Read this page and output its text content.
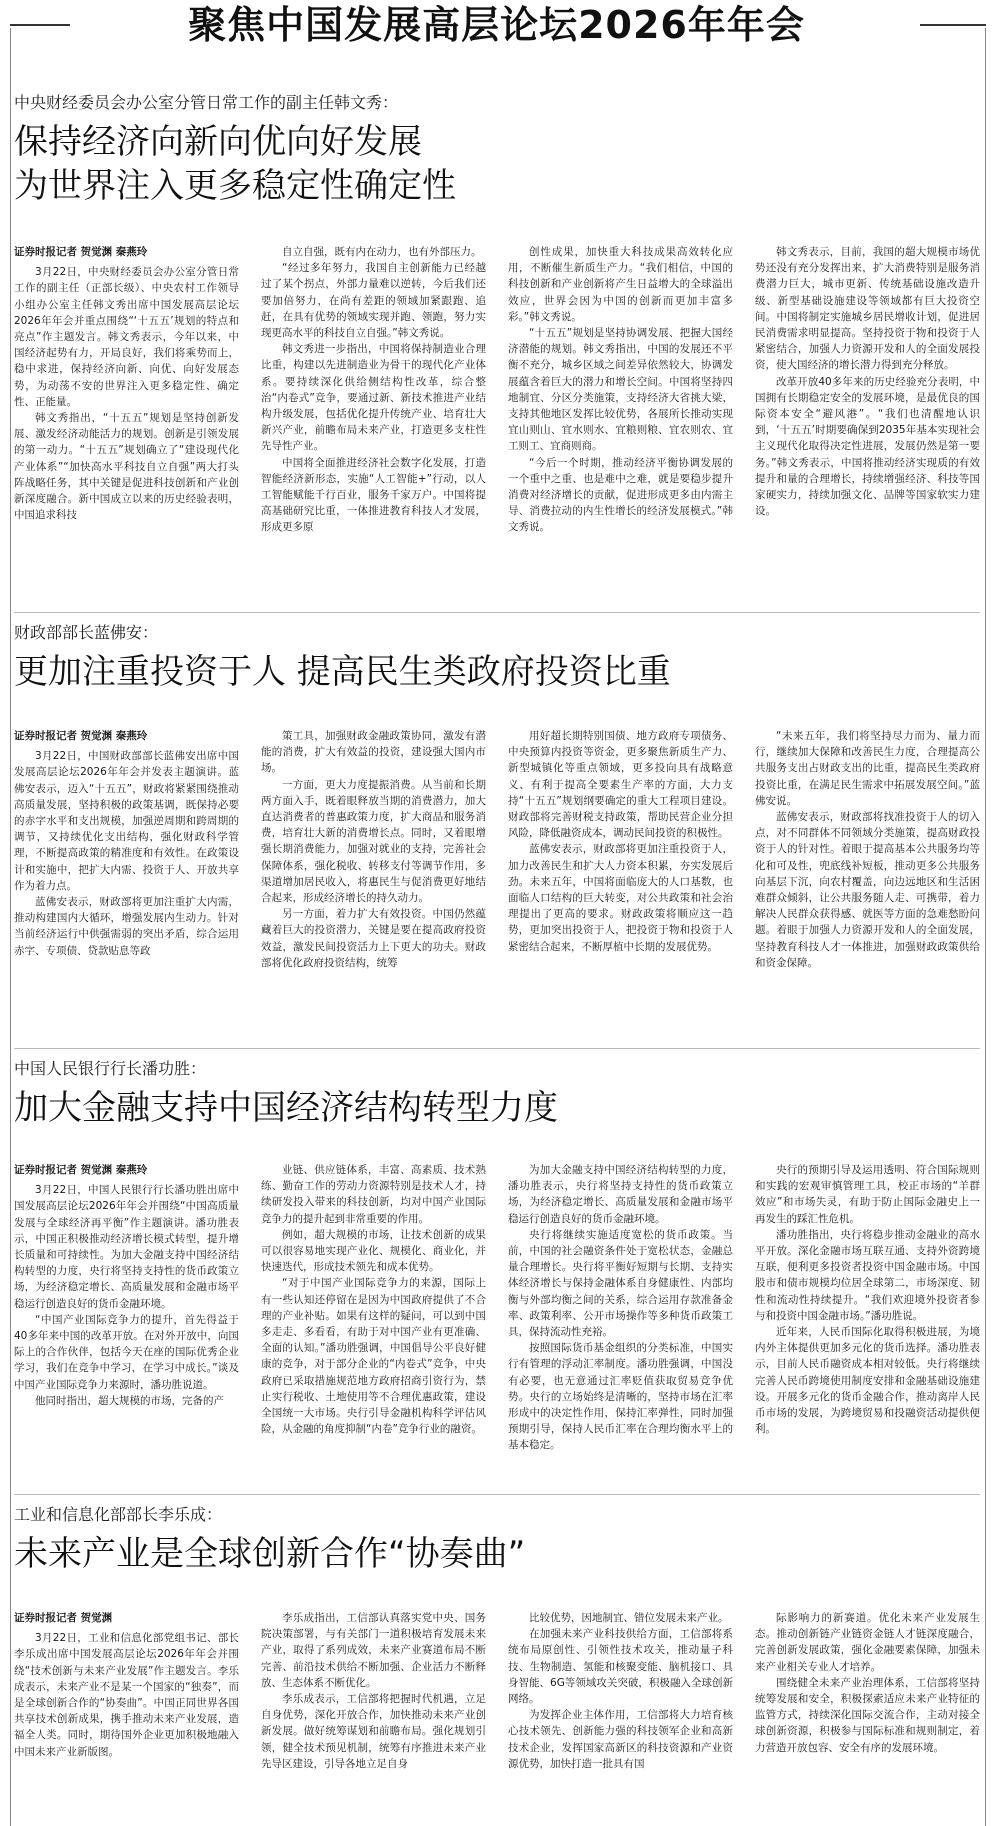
聚焦中国发展高层论坛2026年年会
中央财经委员会办公室分管日常工作的副主任韩文秀：
保持经济向新向优向好发展
为世界注入更多稳定性确定性

证券时报记者 贺觉渊 秦燕玲

3月22日，中央财经委员会办公室分管日常工作的副主任（正部长级）、中央农村工作领导小组办公室主任韩文秀出席中国发展高层论坛2026年年会并重点围绕“‘十五五’规划的特点和亮点”作主题发言。韩文秀表示，今年以来，中国经济起势有力，开局良好，我们将乘势而上，稳中求进，保持经济向新、向优、向好发展态势，为动荡不安的世界注入更多稳定性、确定性、正能量。

韩文秀指出，“十五五”规划是坚持创新发展、激发经济动能活力的规划。创新是引领发展的第一动力。“十五五”规划确立了“建设现代化产业体系”“加快高水平科技自立自强”两大打头阵战略任务，其中关键是促进科技创新和产业创新深度融合。新中国成立以来的历史经验表明，中国追求科技

自立自强，既有内在动力，也有外部压力。

“经过多年努力，我国自主创新能力已经越过了某个拐点，外部力量难以逆转，今后我们还要加倍努力，在尚有差距的领域加紧跟跑、追赶，在具有优势的领域实现并跑、领跑，努力实现更高水平的科技自立自强。”韩文秀说。

韩文秀进一步指出，中国将保持制造业合理比重，构建以先进制造业为骨干的现代化产业体系。要持续深化供给侧结构性改革，综合整治“内卷式”竞争，要通过新、新技术推进产业结构升级发展，包括优化提升传统产业、培育壮大新兴产业，前瞻布局未来产业，打造更多支柱性先导性产业。

中国将全面推进经济社会数字化发展，打造智能经济新形态，实施“人工智能+”行动，以人工智能赋能千行百业，服务千家万户。中国将提高基础研究比重，一体推进教育科技人才发展，形成更多原

创性成果，加快重大科技成果高效转化应用，不断催生新质生产力。“我们相信，中国的科技创新和产业创新将产生日益增大的全球溢出效应，世界会因为中国的创新而更加丰富多彩。”韩文秀说。

“十五五”规划是坚持协调发展、把握大国经济潜能的规划。韩文秀指出，中国的发展还不平衡不充分，城乡区域之间差异依然较大，协调发展蕴含着巨大的潜力和增长空间。中国将坚持四地制宜、分区分类施策，支持经济大省挑大梁，支持其他地区发挥比较优势，各展所长推动实现宜山则山、宜水则水、宜粮则粮、宜农则农、宜工则工、宜商则商。

“今后一个时期，推动经济平衡协调发展的一个重中之重、也是难中之难，就是要稳步提升消费对经济增长的贡献，促进形成更多由内需主导、消费拉动的内生性增长的经济发展模式。”韩文秀说。

韩文秀表示，目前，我国的超大规模市场优势还没有充分发挥出来，扩大消费特别是服务消费潜力巨大，城市更新、传统基础设施改造升级、新型基础设施建设等领域都有巨大投资空间。中国将制定实施城乡居民增收计划，促进居民消费需求明显提高。坚持投资于物和投资于人紧密结合，加强人力资源开发和人的全面发展投资，使大国经济的增长潜力得到充分释放。

改革开放40多年来的历史经验充分表明，中国拥有长期稳定安全的发展环境，是最优良的国际资本安全“避风港”。“我们也清醒地认识到，‘十五五’时期要确保到2035年基本实现社会主义现代化取得决定性进展，发展仍然是第一要务。”韩文秀表示，中国将推动经济实现质的有效提升和量的合理增长，持续增强经济、科技等国家硬实力，持续加强文化、品牌等国家软实力建设。

财政部部长蓝佛安：
更加注重投资于人 提高民生类政府投资比重

证券时报记者 贺觉渊 秦燕玲

3月22日，中国财政部部长蓝佛安出席中国发展高层论坛2026年年会并发表主题演讲。蓝佛安表示，迈入“十五五”，财政将紧紧围绕推动高质量发展，坚持积极的政策基调，既保持必要的赤字水平和支出规模，加强逆周期和跨周期的调节，又持续优化支出结构，强化财政科学管理，不断提高政策的精准度和有效性。在政策设计和实施中，把扩大内需、投资于人、开放共享作为着力点。

蓝佛安表示，财政部将更加注重扩大内需，推动构建国内大循环，增强发展内生动力。针对当前经济运行中供强需弱的突出矛盾，综合运用赤字、专项债、贷款贴息等政

策工具，加强财政金融政策协同，激发有潜能的消费，扩大有效益的投资，建设强大国内市场。

一方面，更大力度提振消费。从当前和长期两方面入手，既着眼释放当期的消费潜力，加大直达消费者的普惠政策力度，扩大商品和服务消费，培育壮大新的消费增长点。同时，又着眼增强长期消费能力，加强对就业的支持，完善社会保障体系，强化税收、转移支付等调节作用，多渠道增加居民收入，将惠民生与促消费更好地结合起来，形成经济增长的持久动力。

另一方面，着力扩大有效投资。中国仍然蕴藏着巨大的投资潜力，关键是要在提高政府投资效益，激发民间投资活力上下更大的功夫。财政部将优化政府投资结构，统筹

用好超长期特别国债、地方政府专项债务、中央预算内投资等资金，更多聚焦新质生产力、新型城镇化等重点领域，更多投向具有战略意义、有利于提高全要素生产率的方面，大力支持“十五五”规划纲要确定的重大工程项目建设。财政部将完善财税支持政策，帮助民营企业分担风险，降低融资成本，调动民间投资的积极性。

蓝佛安表示，财政部将更加注重投资于人，加力改善民生和扩大人力资本积累，夯实发展后劲。未来五年，中国将面临庞大的人口基数，也面临人口结构的巨大转变，对公共政策和社会治理提出了更高的要求。财政政策将顺应这一趋势，更加突出投资于人，把投资于物和投资于人紧密结合起来，不断厚植中长期的发展优势。

“未来五年，我们将坚持尽力而为、量力而行，继续加大保障和改善民生力度，合理提高公共服务支出占财政支出的比重，提高民生类政府投资比重，在满足民生需求中拓展发展空间。”蓝佛安说。

蓝佛安表示，财政部将找准投资于人的切入点，对不同群体不同领域分类施策，提高财政投资于人的针对性。着眼于提高基本公共服务均等化和可及性，兜底线补短板，推动更多公共服务向基层下沉，向农村覆盖，向边远地区和生活困难群众倾斜，让公共服务随人走、可携带，着力解决人民群众获得感、就医等方面的急难愁盼问题。着眼于加强人力资源开发和人的全面发展，坚持教育科技人才一体推进，加强财政政策供给和资金保障。

中国人民银行行长潘功胜：
加大金融支持中国经济结构转型力度

证券时报记者 贺觉渊 秦燕玲

3月22日，中国人民银行行长潘功胜出席中国发展高层论坛2026年年会并围绕“中国高质量发展与全球经济再平衡”作主题演讲。潘功胜表示，中国正积极推动经济增长模式转型，提升增长质量和可持续性。为加大金融支持中国经济结构转型的力度，央行将坚持支持性的货币政策立场，为经济稳定增长、高质量发展和金融市场平稳运行创造良好的货币金融环境。

“中国产业国际竞争力的提升，首先得益于40多年来中国的改革开放。在对外开放中，向国际上的合作伙伴，包括今天在座的国际优秀企业学习，我们在竞争中学习，在学习中成长。”谈及中国产业国际竞争力来源时，潘功胜说道。

他同时指出，超大规模的市场，完备的产

业链、供应链体系，丰富、高素质、技术熟练、勤奋工作的劳动力资源特别是技术人才，持续研发投入带来的科技创新，均对中国产业国际竞争力的提升起到非常重要的作用。

例如，超大规模的市场，让技术创新的成果可以很容易地实现产业化、规模化、商业化，并快速迭代，形成技术领先和成本优势。

“对于中国产业国际竞争力的来源，国际上有一些认知还停留在是因为中国政府提供了不合理的产业补贴。如果有这样的疑问，可以到中国多走走、多看看，有助于对中国产业有更准确、全面的认知。”潘功胜强调，中国倡导公平良好健康的竞争，对于部分企业的“内卷式”竞争，中央政府已采取措施规范地方政府招商引资行为，禁止实行税收、土地使用等不合理优惠政策，建设全国统一大市场。央行引导金融机构科学评估风险，从金融的角度抑制“内卷”竞争行业的融资。

为加大金融支持中国经济结构转型的力度，潘功胜表示，央行将坚持支持性的货币政策立场，为经济稳定增长、高质量发展和金融市场平稳运行创造良好的货币金融环境。

央行将继续实施适度宽松的货币政策。当前，中国的社会融资条件处于宽松状态，金融总量合理增长。央行将平衡好短期与长期、支持实体经济增长与保持金融体系自身健康性、内部均衡与外部均衡之间的关系，综合运用存款准备金率、政策利率、公开市场操作等多种货币政策工具，保持流动性充裕。

按照国际货币基金组织的分类标准，中国实行有管理的浮动汇率制度。潘功胜强调，中国没有必要，也无意通过汇率贬值获取贸易竞争优势。央行的立场始终是清晰的，坚持市场在汇率形成中的决定性作用，保持汇率弹性，同时加强预期引导，保持人民币汇率在合理均衡水平上的基本稳定。

央行的预期引导及运用透明、符合国际规则和实践的宏观审慎管理工具，校正市场的“羊群效应”和市场失灵，有助于防止国际金融史上一再发生的踩汇性危机。

潘功胜指出，央行将稳步推动金融业的高水平开放。深化金融市场互联互通、支持外资跨境互联，便利更多投资者投资中国金融市场。中国股市和债市规模均位居全球第二，市场深度、韧性和流动性持续提升。“我们欢迎境外投资者参与和投资中国金融市场。”潘功胜说。

近年来，人民币国际化取得积极进展，为境内外主体提供更加多元化的货币选择。潘功胜表示，目前人民币融资成本相对较低。央行将继续完善人民币跨境使用制度安排和金融基础设施建设。开展多元化的货币金融合作，推动离岸人民币市场的发展，为跨境贸易和投融资活动提供便利。

工业和信息化部部长李乐成：
未来产业是全球创新合作“协奏曲”

证券时报记者 贺觉渊

3月22日，工业和信息化部党组书记、部长李乐成出席中国发展高层论坛2026年年会并围绕“技术创新与未来产业发展”作主题发言。李乐成表示，未来产业不是某一个国家的“独奏”，而是全球创新合作的“协奏曲”。中国正同世界各国共享技术创新成果，携手推动未来产业发展，造福全人类。同时，期待国外企业更加积极地融入中国未来产业新版图。

李乐成指出，工信部认真落实党中央、国务院决策部署，与有关部门一道积极培育发展未来产业，取得了系列成效，未来产业赛道布局不断完善、前沿技术供给不断加强、企业活力不断释放、生态体系不断优化。

李乐成表示，工信部将把握时代机遇，立足自身优势，深化开放合作，加快推动未来产业创新发展。做好统筹谋划和前瞻布局。强化规划引领，健全技术预见机制，统筹有序推进未来产业先导区建设，引导各地立足自身

比较优势，因地制宜、错位发展未来产业。

在加强未来产业科技供给方面，工信部将系统布局原创性、引领性技术攻关，推动量子科技、生物制造、氢能和核聚变能、脑机接口、具身智能、6G等领域攻关突破，积极融入全球创新网络。

为发挥企业主体作用，工信部将大力培育核心技术领先、创新能力强的科技领军企业和高新技术企业，发挥国家高新区的科技资源和产业资源优势，加快打造一批具有国

际影响力的新赛道。优化未来产业发展生态。推动创新链产业链资金链人才链深度融合，完善创新发展政策，强化金融要素保障，加强未来产业相关专业人才培养。

围绕健全未来产业治理体系，工信部将坚持统筹发展和安全，积极探索适应未来产业特征的监管方式，持续深化国际交流合作，主动对接全球创新资源，积极参与国际标准和规则制定，着力营造开放包容、安全有序的发展环境。
